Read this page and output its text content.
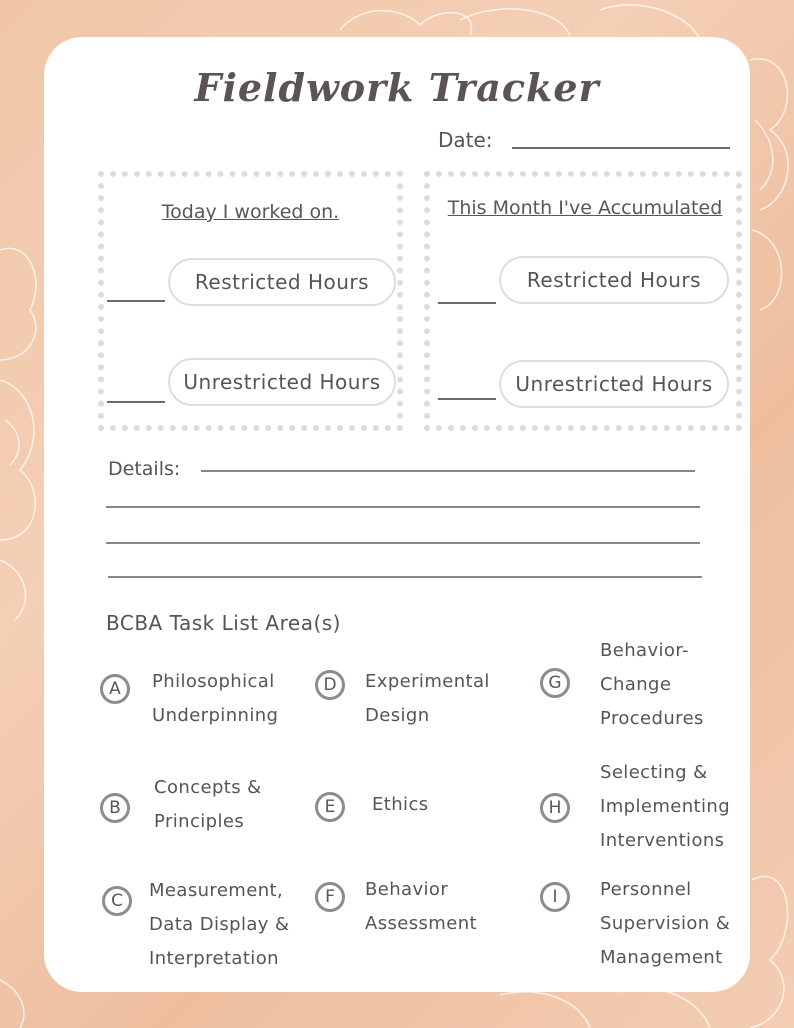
Fieldwork Tracker
Date:
Today I worked on.
Restricted Hours
Unrestricted Hours
This Month I've Accumulated
Restricted Hours
Unrestricted Hours
Details:
BCBA Task List Area(s)
A	Philosophical
Underpinning
B
Concepts &
Principles
C	Measurement,
Data Display &
Interpretation
D	Experimental
Design
E	Ethics
F	Behavior
Assessment
G
Behavior-
Change
Procedures
H
Selecting &
Implementing
Interventions
I	Personnel
Supervision &
Management
